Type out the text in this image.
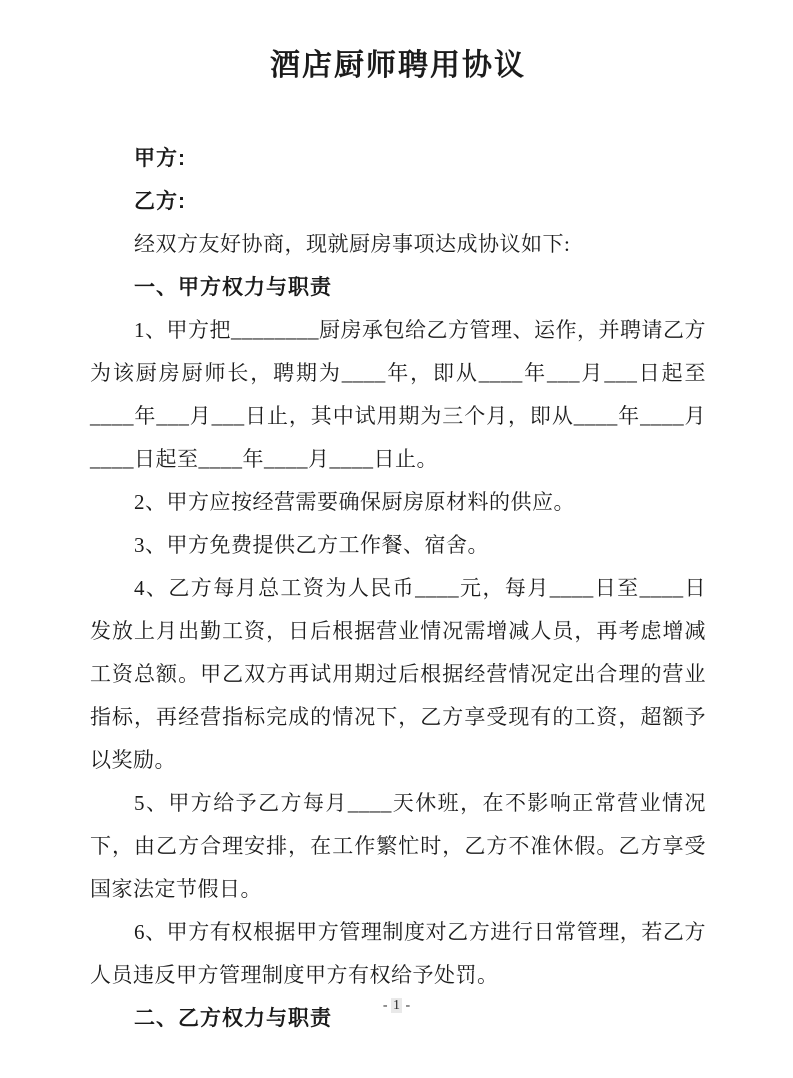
酒店厨师聘用协议

甲方:

乙方:

经双方友好协商，现就厨房事项达成协议如下:

一、甲方权力与职责

1、甲方把________厨房承包给乙方管理、运作，并聘请乙方为该厨房厨师长，聘期为____年，即从____年___月___日起至____年___月___日止，其中试用期为三个月，即从____年____月____日起至____年____月____日止。

2、甲方应按经营需要确保厨房原材料的供应。

3、甲方免费提供乙方工作餐、宿舍。

4、乙方每月总工资为人民币____元，每月____日至____日发放上月出勤工资，日后根据营业情况需增减人员，再考虑增减工资总额。甲乙双方再试用期过后根据经营情况定出合理的营业指标，再经营指标完成的情况下，乙方享受现有的工资，超额予以奖励。

5、甲方给予乙方每月____天休班，在不影响正常营业情况下，由乙方合理安排，在工作繁忙时，乙方不准休假。乙方享受国家法定节假日。

6、甲方有权根据甲方管理制度对乙方进行日常管理，若乙方人员违反甲方管理制度甲方有权给予处罚。

二、乙方权力与职责

- 1 -
